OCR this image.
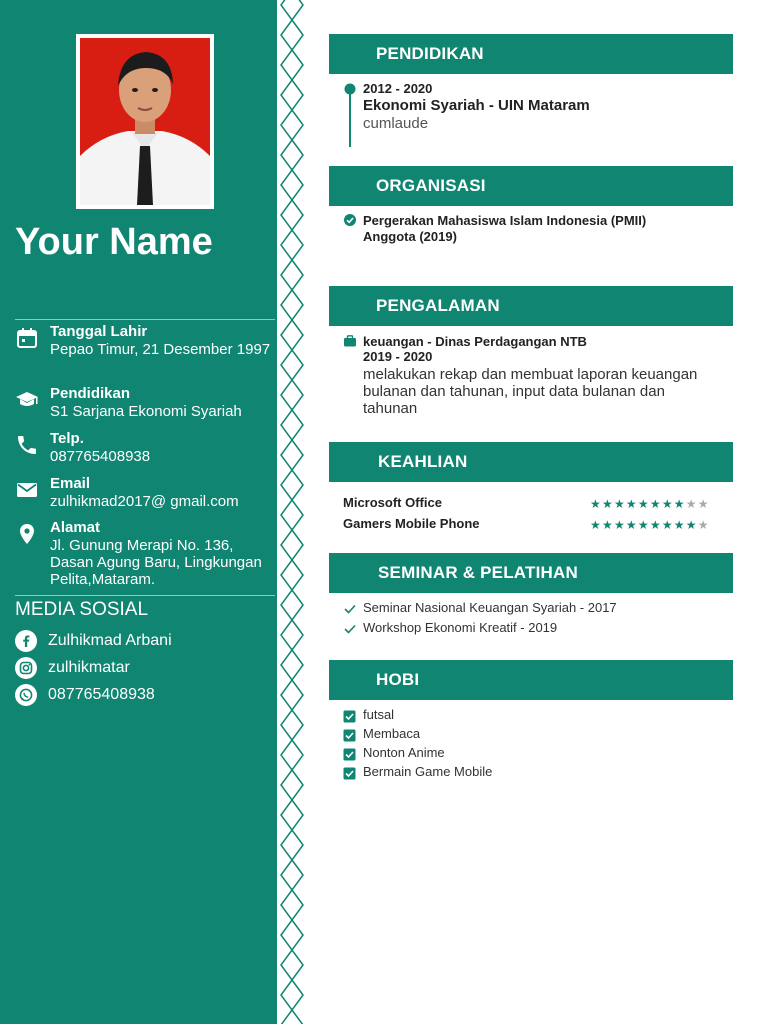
Your Name
Tanggal Lahir
Pepao Timur, 21 Desember 1997
Pendidikan
S1 Sarjana Ekonomi Syariah
Telp.
087765408938
Email
zulhikmad2017@ gmail.com
Alamat
Jl. Gunung Merapi No. 136, Dasan Agung Baru, Lingkungan Pelita,Mataram.
MEDIA SOSIAL
Zulhikmad Arbani
zulhikmatar
087765408938
PENDIDIKAN
2012 - 2020
Ekonomi Syariah - UIN Mataram
cumlaude
ORGANISASI
Pergerakan Mahasiswa Islam Indonesia (PMII)
Anggota (2019)
PENGALAMAN
keuangan - Dinas Perdagangan NTB
2019 - 2020
melakukan rekap dan membuat laporan keuangan
bulanan dan tahunan, input data bulanan dan
tahunan
KEAHLIAN
Microsoft Office	★★★★★★★★★★
Gamers Mobile Phone	★★★★★★★★★★
SEMINAR & PELATIHAN
Seminar Nasional Keuangan Syariah - 2017
Workshop Ekonomi Kreatif - 2019
HOBI
futsal
Membaca
Nonton Anime
Bermain Game Mobile
